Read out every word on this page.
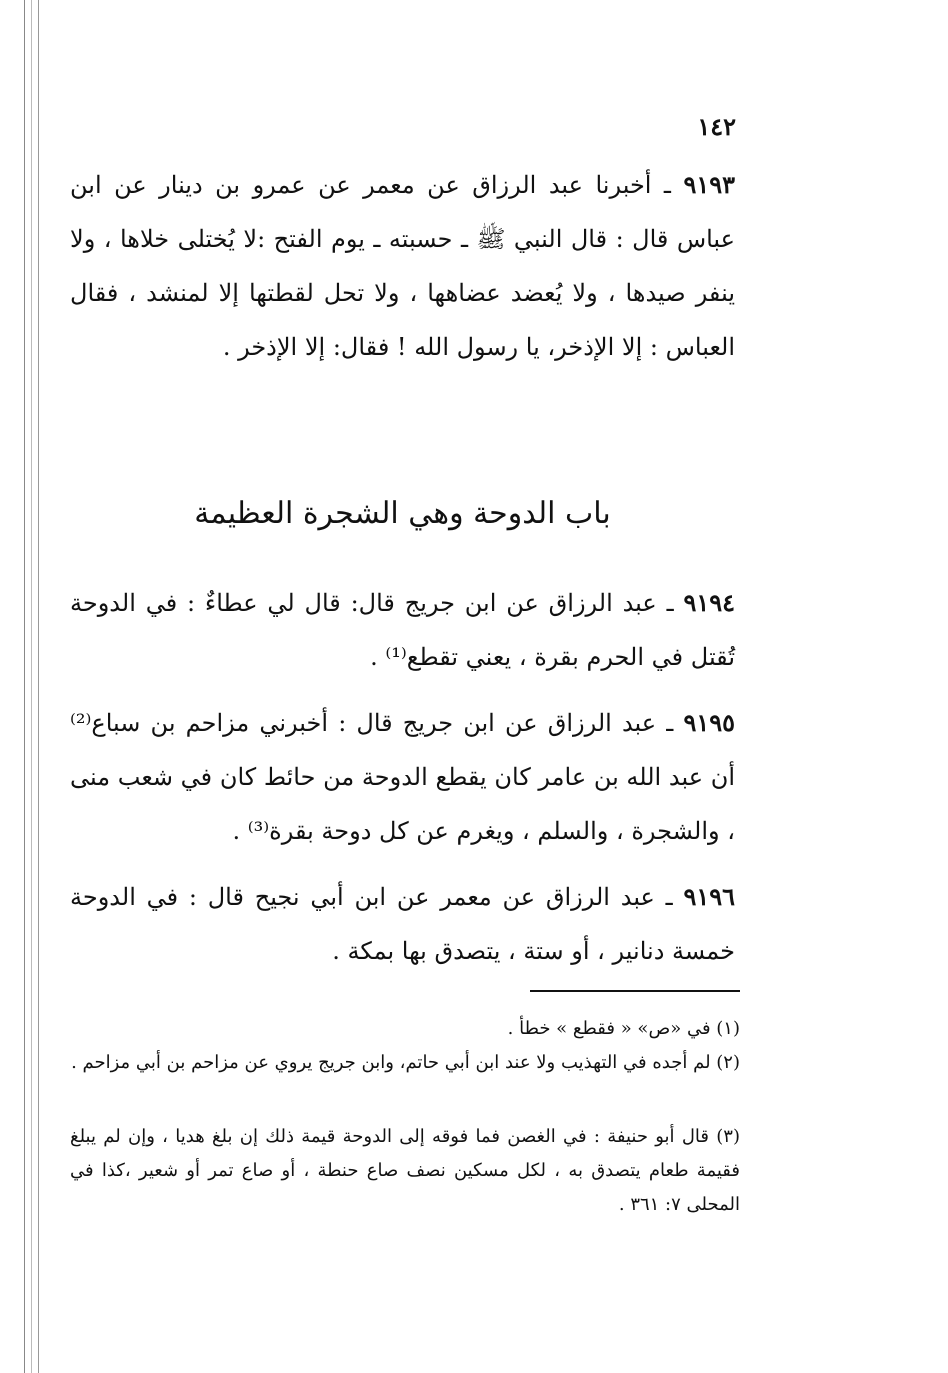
١٤٢

٩١٩٣ ـ أخبرنا عبد الرزاق عن معمر عن عمرو بن دينار عن ابن عباس قال : قال النبي ﷺ ـ حسبته ـ يوم الفتح :لا يُختلى خلاها ، ولا ينفر صيدها ، ولا يُعضد عضاهها ، ولا تحل لقطتها إلا لمنشد ، فقال العباس : إلا الإذخر، يا رسول الله ! فقال: إلا الإذخر .

باب الدوحة وهي الشجرة العظيمة

٩١٩٤ ـ عبد الرزاق عن ابن جريج قال: قال لي عطاءٌ : في الدوحة تُقتل في الحرم بقرة ، يعني تقطع⁽¹⁾ .

٩١٩٥ ـ عبد الرزاق عن ابن جريج قال : أخبرني مزاحم بن سباع⁽²⁾ أن عبد الله بن عامر كان يقطع الدوحة من حائط كان في شعب منى ، والشجرة ، والسلم ، ويغرم عن كل دوحة بقرة⁽³⁾ .

٩١٩٦ ـ عبد الرزاق عن معمر عن ابن أبي نجيح قال : في الدوحة خمسة دنانير ، أو ستة ، يتصدق بها بمكة .

(١) في «ص» « فقطع » خطأ .

(٢) لم أجده في التهذيب ولا عند ابن أبي حاتم، وابن جريج يروي عن مزاحم بن أبي مزاحم .

(٣) قال أبو حنيفة : في الغصن فما فوقه إلى الدوحة قيمة ذلك إن بلغ هديا ، وإن لم يبلغ فقيمة طعام يتصدق به ، لكل مسكين نصف صاع حنطة ، أو صاع تمر أو شعير ،كذا في المحلى ٧: ٣٦١ .
